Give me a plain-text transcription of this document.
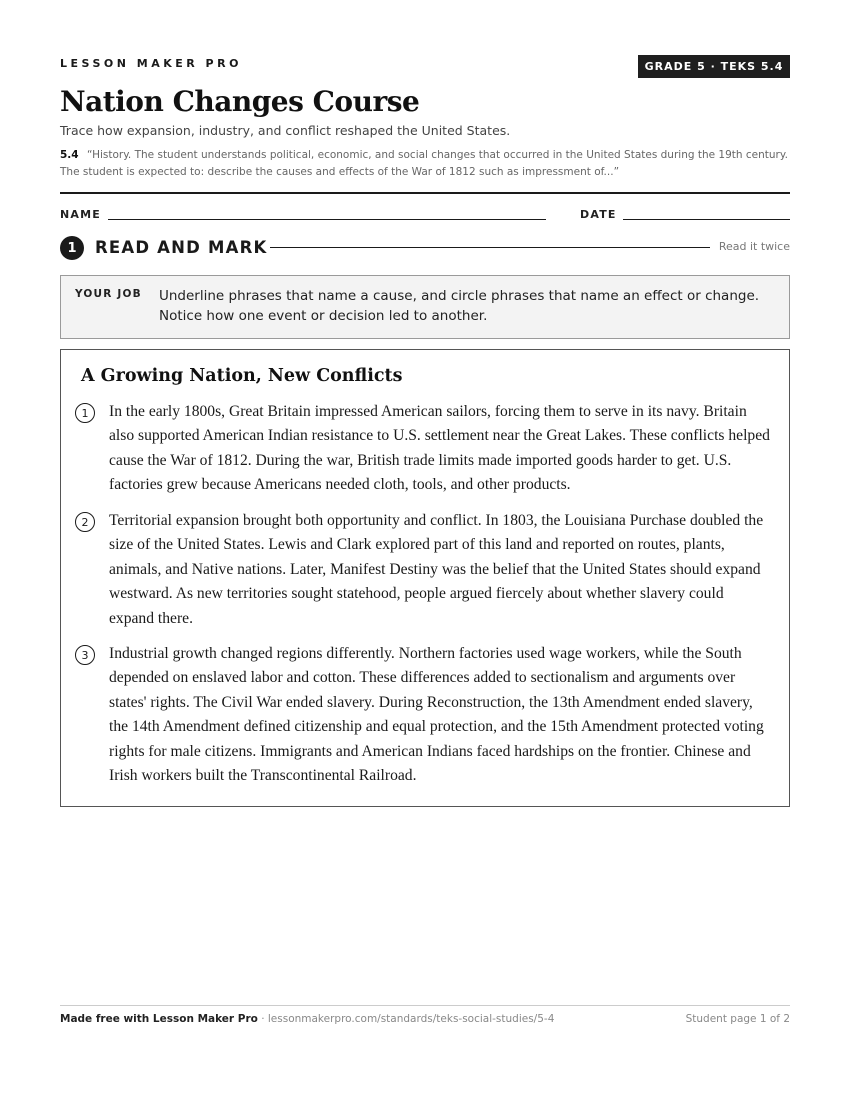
LESSON MAKER PRO	GRADE 5 · TEKS 5.4
Nation Changes Course
Trace how expansion, industry, and conflict reshaped the United States.
5.4 “History. The student understands political, economic, and social changes that occurred in the United States during the 19th century. The student is expected to: describe the causes and effects of the War of 1812 such as impressment of...”
NAME	DATE
1	READ AND MARK	Read it twice
YOUR JOB Underline phrases that name a cause, and circle phrases that name an effect or change. Notice how one event or decision led to another.
A Growing Nation, New Conflicts
1	In the early 1800s, Great Britain impressed American sailors, forcing them to serve in its navy. Britain also supported American Indian resistance to U.S. settlement near the Great Lakes. These conflicts helped cause the War of 1812. During the war, British trade limits made imported goods harder to get. U.S. factories grew because Americans needed cloth, tools, and other products.
2	Territorial expansion brought both opportunity and conflict. In 1803, the Louisiana Purchase doubled the size of the United States. Lewis and Clark explored part of this land and reported on routes, plants, animals, and Native nations. Later, Manifest Destiny was the belief that the United States should expand westward. As new territories sought statehood, people argued fiercely about whether slavery could expand there.
3	Industrial growth changed regions differently. Northern factories used wage workers, while the South depended on enslaved labor and cotton. These differences added to sectionalism and arguments over states' rights. The Civil War ended slavery. During Reconstruction, the 13th Amendment ended slavery, the 14th Amendment defined citizenship and equal protection, and the 15th Amendment protected voting rights for male citizens. Immigrants and American Indians faced hardships on the frontier. Chinese and Irish workers built the Transcontinental Railroad.
Made free with Lesson Maker Pro · lessonmakerpro.com/standards/teks-social-studies/5-4	Student page 1 of 2
